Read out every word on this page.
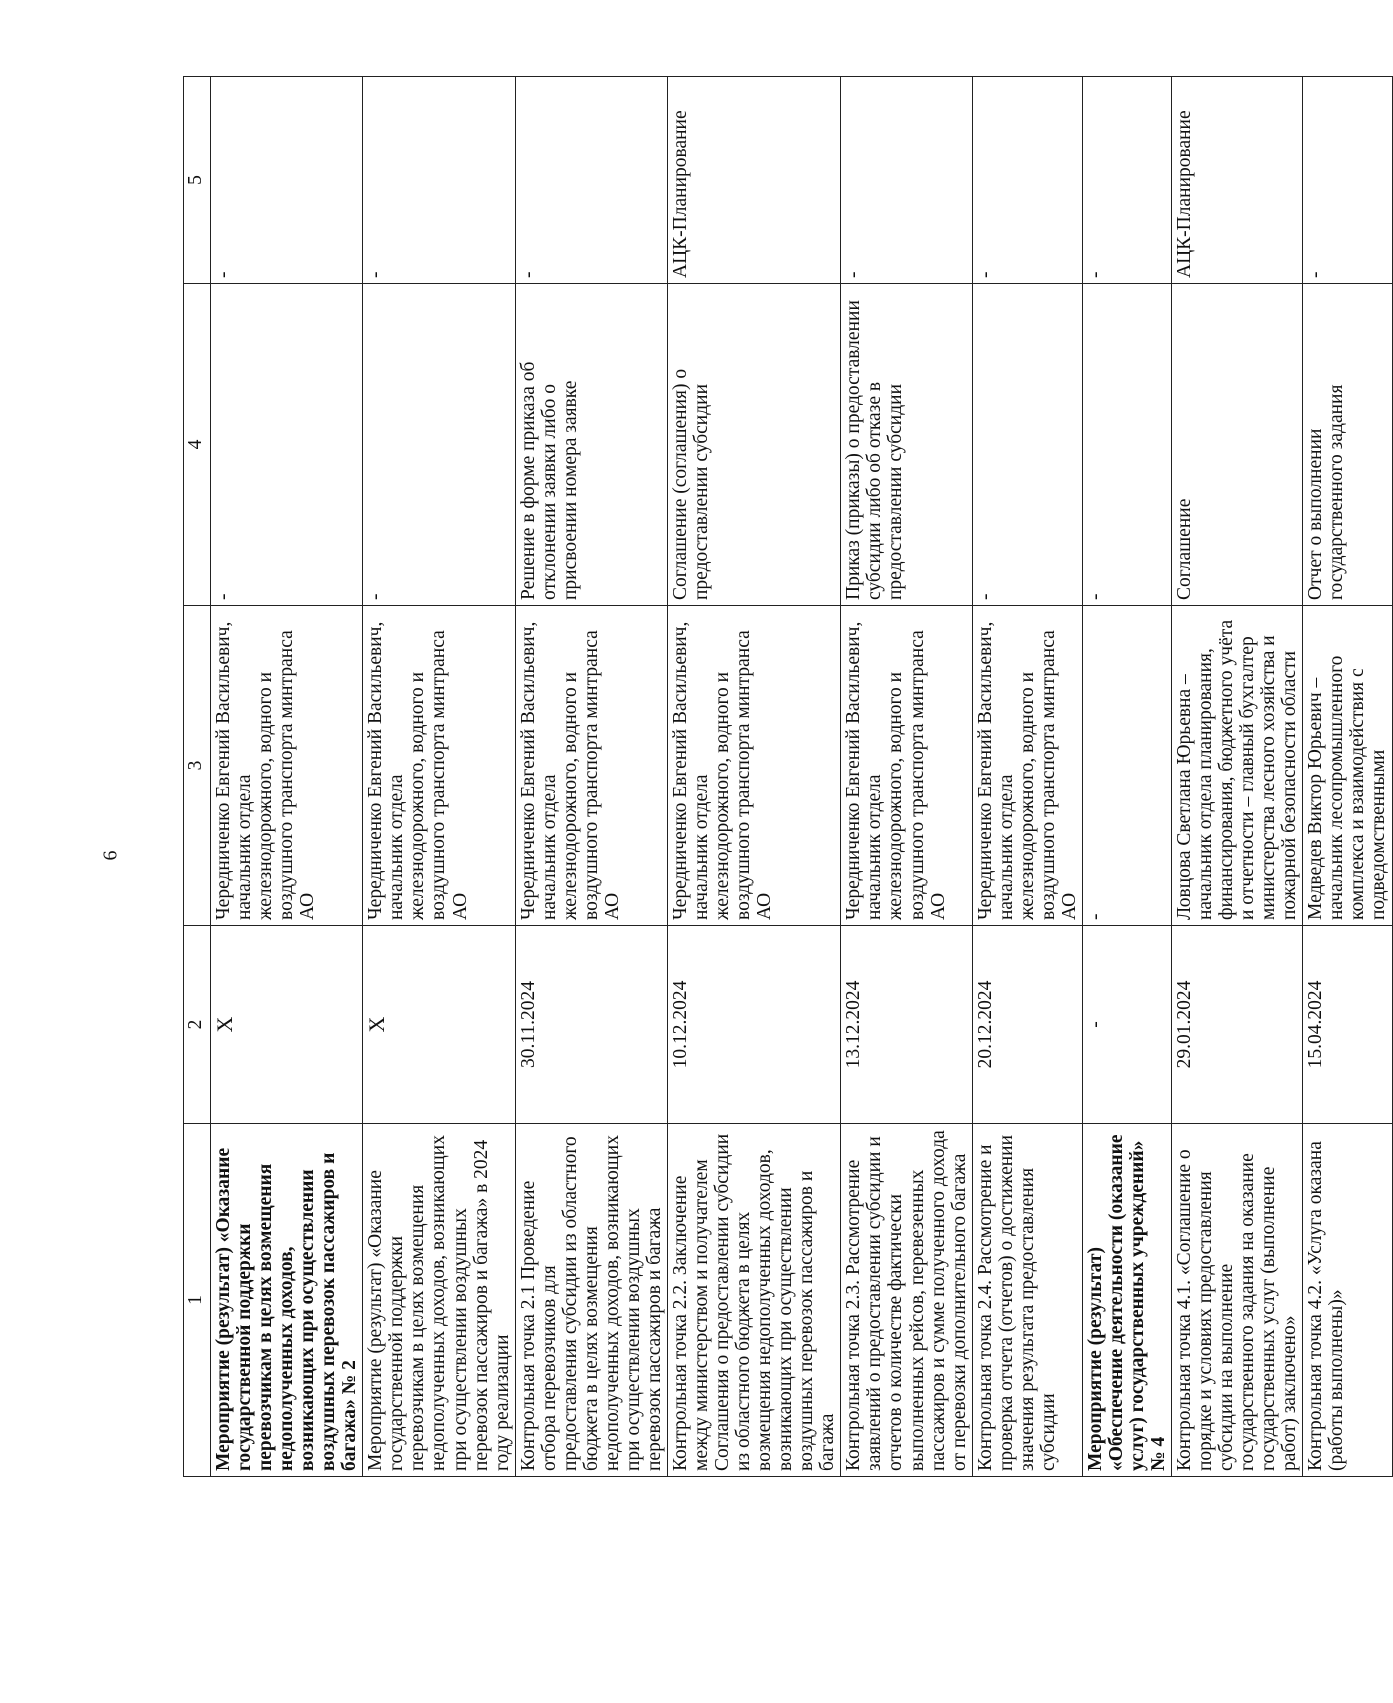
6
1	2	3	4	5
Мероприятие (результат) «Оказание государственной поддержки перевозчикам в целях возмещения недополученных доходов, возникающих при осуществлении воздушных перевозок пассажиров и багажа» № 2	X	Чередниченко Евгений Васильевич, начальник отдела железнодорожного, водного и воздушного транспорта минтранса АО	-	-
Мероприятие (результат) «Оказание государственной поддержки перевозчикам в целях возмещения недополученных доходов, возникающих при осуществлении воздушных перевозок пассажиров и багажа» в 2024 году реализации	X	Чередниченко Евгений Васильевич, начальник отдела железнодорожного, водного и воздушного транспорта минтранса АО	-	-
Контрольная точка 2.1 Проведение отбора перевозчиков для предоставления субсидии из областного бюджета в целях возмещения недополученных доходов, возникающих при осуществлении воздушных перевозок пассажиров и багажа	30.11.2024	Чередниченко Евгений Васильевич, начальник отдела железнодорожного, водного и воздушного транспорта минтранса АО	Решение в форме приказа об отклонении заявки либо о присвоении номера заявке	-
Контрольная точка 2.2. Заключение между министерством и получателем Соглашения о предоставлении субсидии из областного бюджета в целях возмещения недополученных доходов, возникающих при осуществлении воздушных перевозок пассажиров и багажа	10.12.2024	Чередниченко Евгений Васильевич, начальник отдела железнодорожного, водного и воздушного транспорта минтранса АО	Соглашение (соглашения) о предоставлении субсидии	АЦК-Планирование
Контрольная точка 2.3. Рассмотрение заявлений о предоставлении субсидии и отчетов о количестве фактически выполненных рейсов, перевезенных пассажиров и сумме полученного дохода от перевозки дополнительного багажа	13.12.2024	Чередниченко Евгений Васильевич, начальник отдела железнодорожного, водного и воздушного транспорта минтранса АО	Приказ (приказы) о предоставлении субсидии либо об отказе в предоставлении субсидии	-
Контрольная точка 2.4. Рассмотрение и проверка отчета (отчетов) о достижении значения результата предоставления субсидии	20.12.2024	Чередниченко Евгений Васильевич, начальник отдела железнодорожного, водного и воздушного транспорта минтранса АО	-	-
Мероприятие (результат) «Обеспечение деятельности (оказание услуг) государственных учреждений» № 4	-	-	-	-
Контрольная точка 4.1. «Соглашение о порядке и условиях предоставления субсидии на выполнение государственного задания на оказание государственных услуг (выполнение работ) заключено»	29.01.2024	Ловцова Светлана Юрьевна – начальник отдела планирования, финансирования, бюджетного учёта и отчетности – главный бухгалтер министерства лесного хозяйства и пожарной безопасности области	Соглашение	АЦК-Планирование
Контрольная точка 4.2. «Услуга оказана (работы выполнены)»	15.04.2024	Медведев Виктор Юрьевич – начальник лесопромышленного комплекса и взаимодействия с подведомственными	Отчет о выполнении государственного задания	-
